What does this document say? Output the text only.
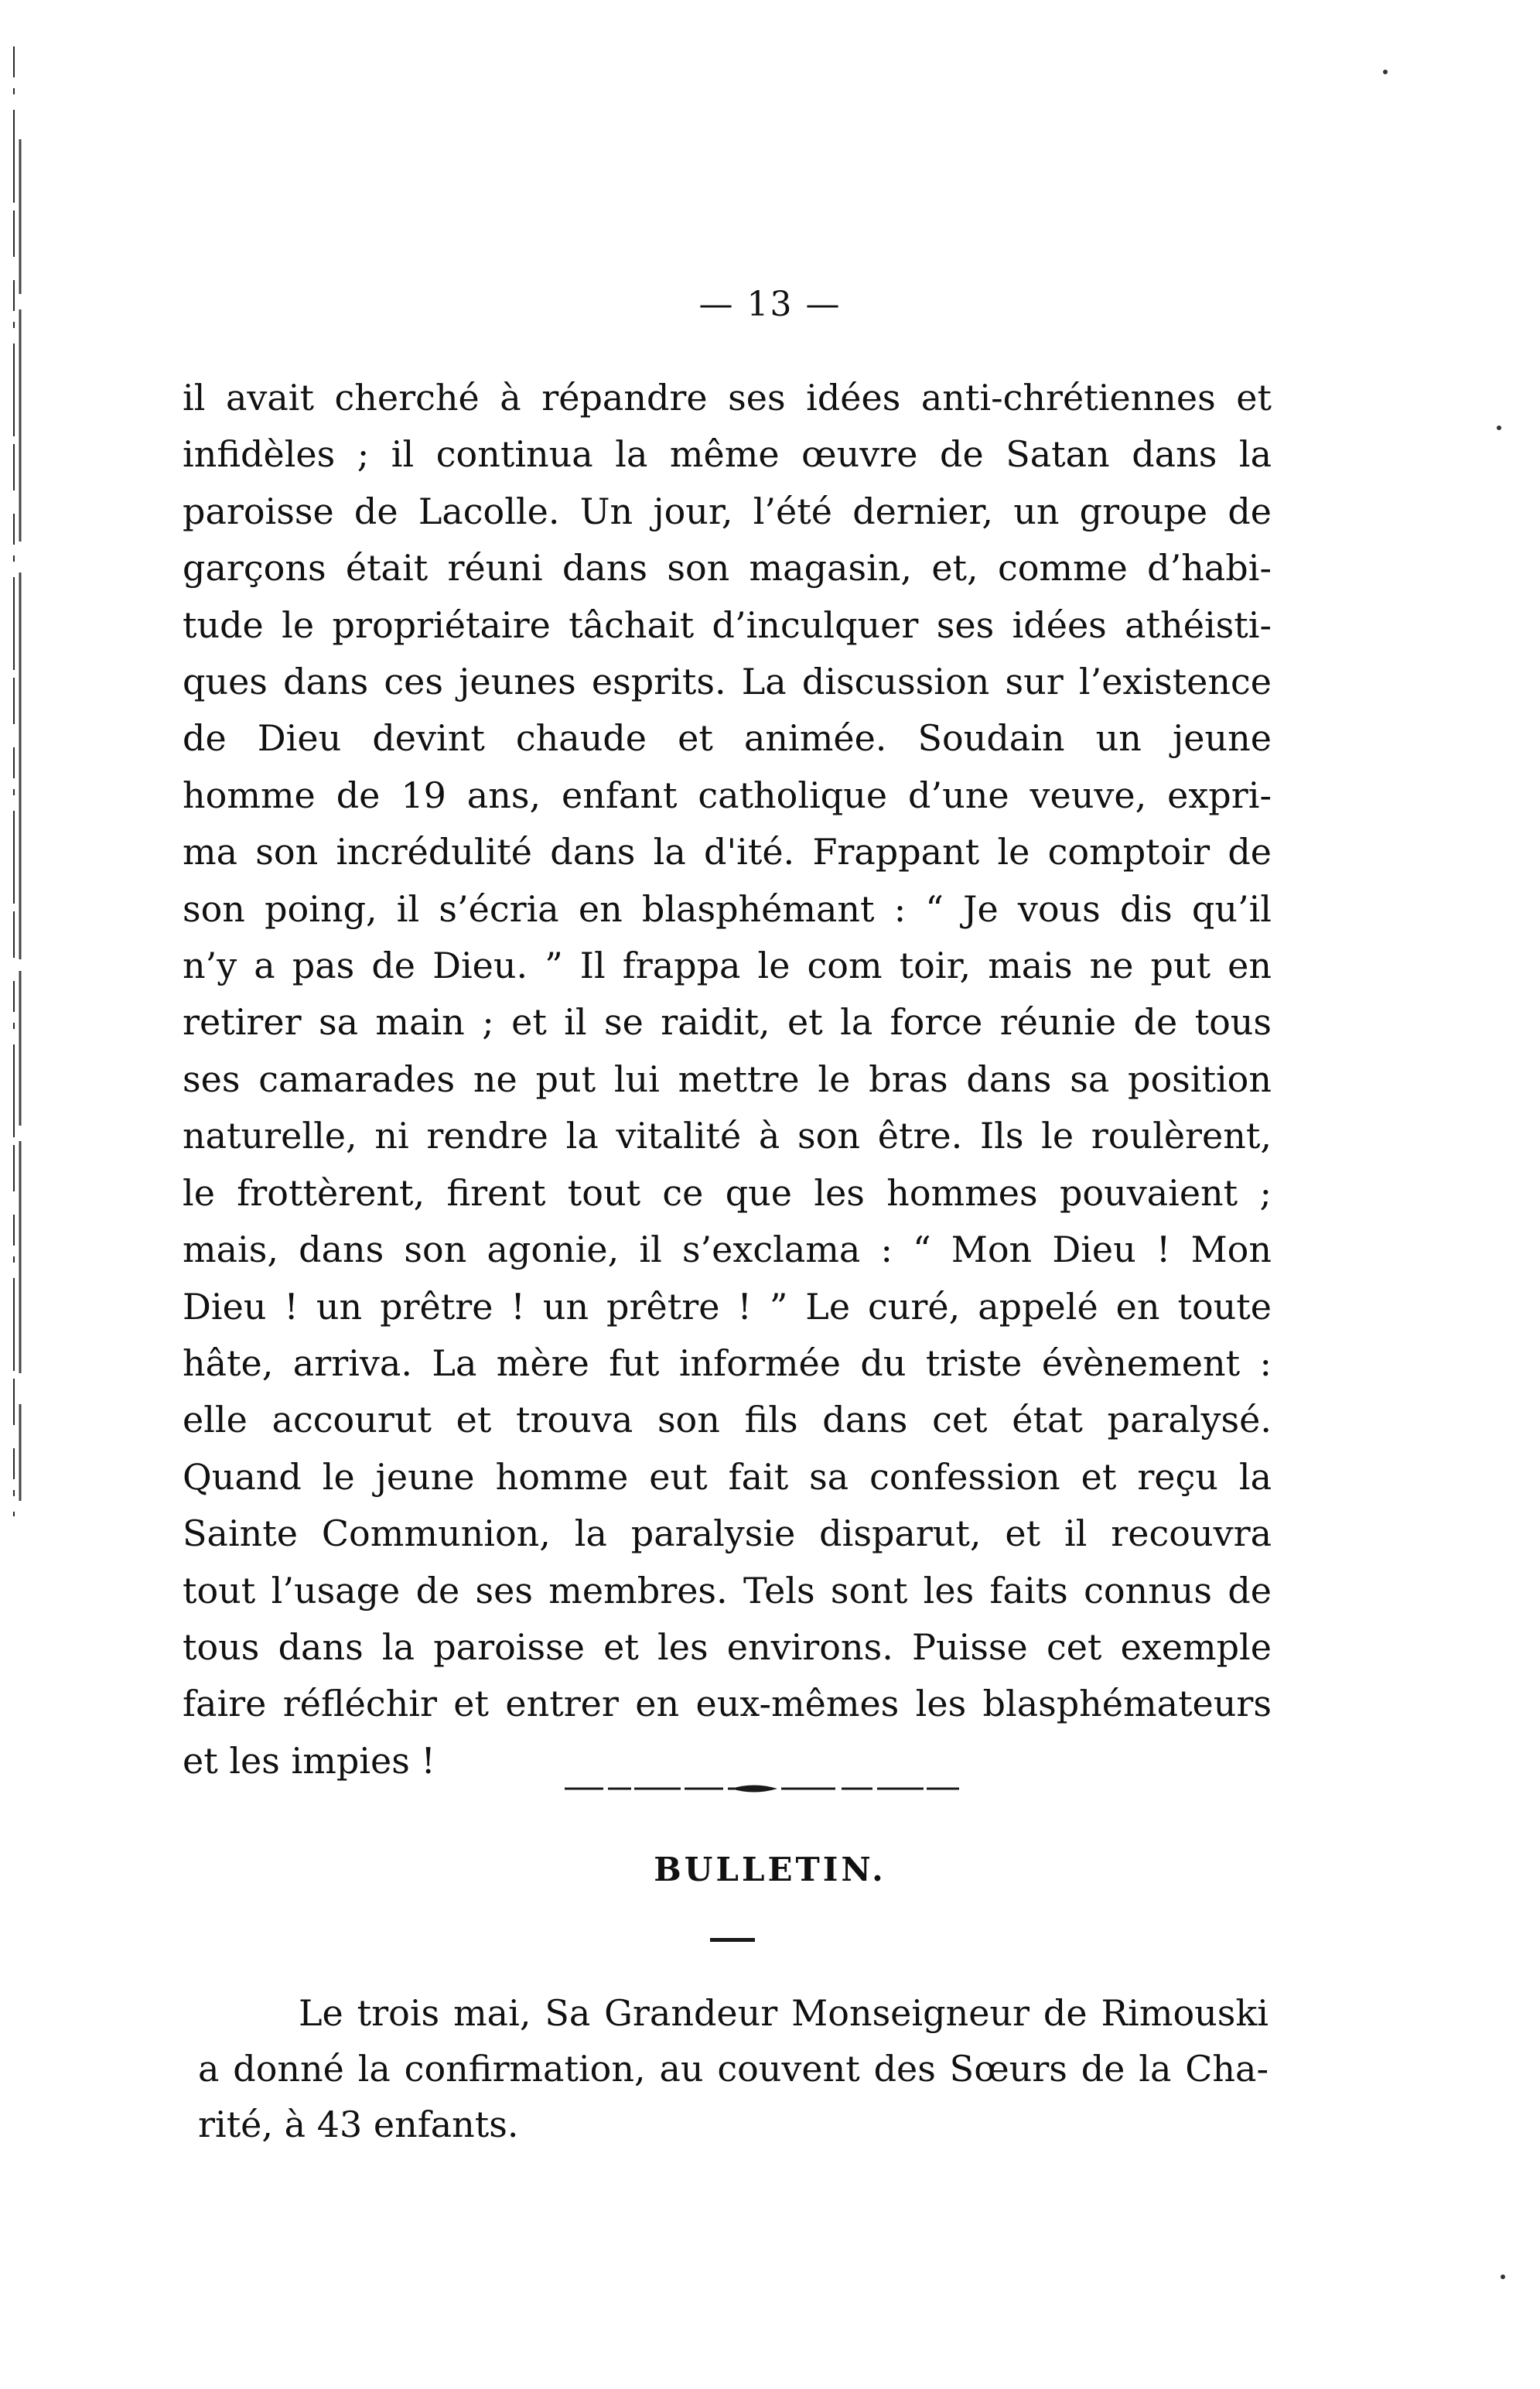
— 13 —
il avait cherché à répandre ses idées anti-chrétiennes et
infidèles ; il continua la même œuvre de Satan dans la
paroisse de Lacolle. Un jour, l’été dernier, un groupe de
garçons était réuni dans son magasin, et, comme d’habi-
tude le propriétaire tâchait d’inculquer ses idées athéisti-
ques dans ces jeunes esprits. La discussion sur l’existence
de Dieu devint chaude et animée. Soudain un jeune
homme de 19 ans, enfant catholique d’une veuve, expri-
ma son incrédulité dans la d'ité. Frappant le comptoir de
son poing, il s’écria en blasphémant : “ Je vous dis qu’il
n’y a pas de Dieu. ” Il frappa le com toir, mais ne put en
retirer sa main ; et il se raidit, et la force réunie de tous
ses camarades ne put lui mettre le bras dans sa position
naturelle, ni rendre la vitalité à son être. Ils le roulèrent,
le frottèrent, firent tout ce que les hommes pouvaient ;
mais, dans son agonie, il s’exclama : “ Mon Dieu ! Mon
Dieu ! un prêtre ! un prêtre ! ” Le curé, appelé en toute
hâte, arriva. La mère fut informée du triste évènement :
elle accourut et trouva son fils dans cet état paralysé.
Quand le jeune homme eut fait sa confession et reçu la
Sainte Communion, la paralysie disparut, et il recouvra
tout l’usage de ses membres. Tels sont les faits connus de
tous dans la paroisse et les environs. Puisse cet exemple
faire réfléchir et entrer en eux-mêmes les blasphémateurs
et les impies !
BULLETIN.
Le trois mai, Sa Grandeur Monseigneur de Rimouski
a donné la confirmation, au couvent des Sœurs de la Cha-
rité, à 43 enfants.
